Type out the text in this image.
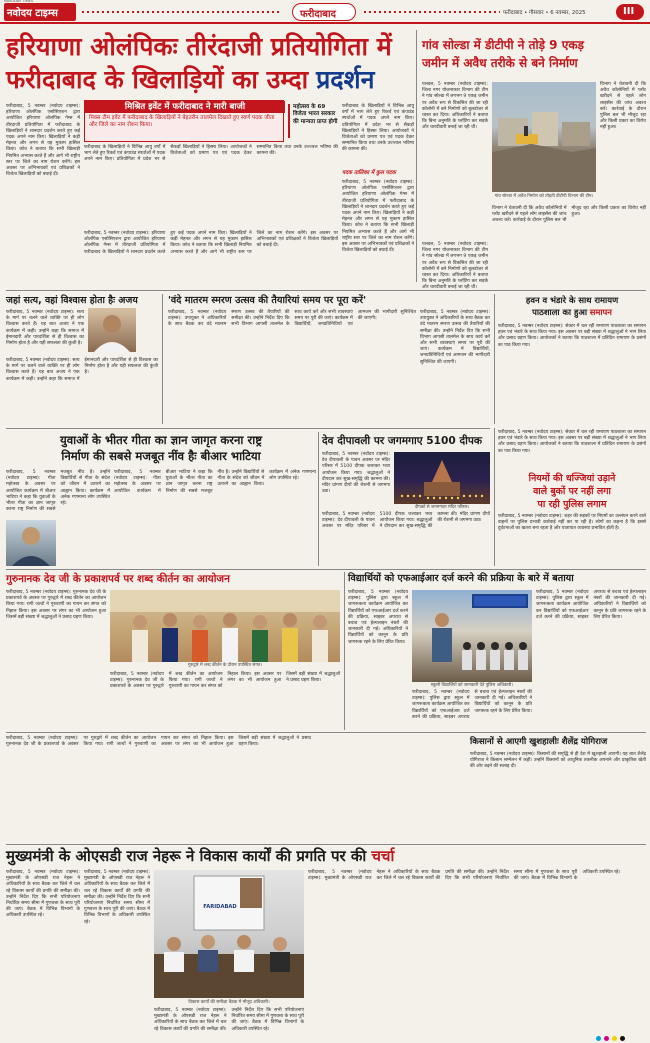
नवोदय टाइम्स
NAVODAY TIMES
फरीदाबाद	फरीदाबाद • गौसवार • 6 नवम्बर, 2025	III
हरियाणा ओलंपिकः तीरंदाजी प्रतियोगिता में
फरीदाबाद के खिलाड़ियों का उम्दा प्रदर्शन
फरीदाबाद, 5 नवम्बर (नवोदय टाइम्स): हरियाणा ओलंपिक एसोसिएशन द्वारा आयोजित हरियाणा ओलंपिक गेम्स में तीरंदाजी प्रतियोगिता में फरीदाबाद के खिलाड़ियों ने शानदार प्रदर्शन करते हुए कई पदक अपने नाम किए। खिलाड़ियों ने कड़ी मेहनत और लगन से यह मुकाम हासिल किया। कोच ने बताया कि सभी खिलाड़ी नियमित अभ्यास करते हैं और आगे भी राष्ट्रीय स्तर पर जिले का नाम रोशन करेंगे। इस अवसर पर अभिभावकों एवं प्रशिक्षकों ने विजेता खिलाड़ियों को बधाई दी।
मिश्रित इवेंट में फरीदाबाद ने मारी बाजी
मिक्स टीम इवेंट में फरीदाबाद के खिलाड़ियों ने बेहतरीन तालमेल दिखाते हुए स्वर्ण पदक जीता और जिले का नाम रोशन किया।
महोत्सव के 69 विजेता भारत सरकार की मान्यता प्राप्त होगी
फरीदाबाद के खिलाड़ियों ने विभिन्न आयु वर्गों में भाग लेते हुए रिकर्व एवं कंपाउंड स्पर्धाओं में पदक अपने नाम किए। प्रतियोगिता में प्रदेश भर से सैकड़ों खिलाड़ियों ने हिस्सा लिया। आयोजकों ने विजेताओं को प्रमाण पत्र एवं पदक देकर सम्मानित किया तथा उनके उज्ज्वल भविष्य की कामना की।
फरीदाबाद, 5 नवम्बर (नवोदय टाइम्स): हरियाणा ओलंपिक एसोसिएशन द्वारा आयोजित हरियाणा ओलंपिक गेम्स में तीरंदाजी प्रतियोगिता में फरीदाबाद के खिलाड़ियों ने शानदार प्रदर्शन करते हुए कई पदक अपने नाम किए। खिलाड़ियों ने कड़ी मेहनत और लगन से यह मुकाम हासिल किया। कोच ने बताया कि सभी खिलाड़ी नियमित अभ्यास करते हैं और आगे भी राष्ट्रीय स्तर पर जिले का नाम रोशन करेंगे। इस अवसर पर अभिभावकों एवं प्रशिक्षकों ने विजेता खिलाड़ियों को बधाई दी।
फरीदाबाद के खिलाड़ियों ने विभिन्न आयु वर्गों में भाग लेते हुए रिकर्व एवं कंपाउंड स्पर्धाओं में पदक अपने नाम किए। प्रतियोगिता में प्रदेश भर से सैकड़ों खिलाड़ियों ने हिस्सा लिया। आयोजकों ने विजेताओं को प्रमाण पत्र एवं पदक देकर सम्मानित किया तथा उनके उज्ज्वल भविष्य की कामना की।
पदक तालिका में कुल पदक
फरीदाबाद, 5 नवम्बर (नवोदय टाइम्स): हरियाणा ओलंपिक एसोसिएशन द्वारा आयोजित हरियाणा ओलंपिक गेम्स में तीरंदाजी प्रतियोगिता में फरीदाबाद के खिलाड़ियों ने शानदार प्रदर्शन करते हुए कई पदक अपने नाम किए। खिलाड़ियों ने कड़ी मेहनत और लगन से यह मुकाम हासिल किया। कोच ने बताया कि सभी खिलाड़ी नियमित अभ्यास करते हैं और आगे भी राष्ट्रीय स्तर पर जिले का नाम रोशन करेंगे। इस अवसर पर अभिभावकों एवं प्रशिक्षकों ने विजेता खिलाड़ियों को बधाई दी।
गांव सोल्डा में डीटीपी ने तोड़े 9 एकड़
जमीन में अवैध तरीके से बने निर्माण
पलवल, 5 नवम्बर (नवोदय टाइम्स): जिला नगर योजनाकार विभाग की टीम ने गांव सोल्डा में लगभग 9 एकड़ जमीन पर अवैध रूप से विकसित की जा रही कॉलोनी में बने निर्माणों को बुलडोजर से ध्वस्त कर दिया। अधिकारियों ने बताया कि बिना अनुमति के प्लॉटिंग कर सड़कें और चारदीवारी बनाई जा रही थी।
विभाग ने चेतावनी दी कि अवैध कॉलोनियों में प्लॉट खरीदने से पहले लोग लाइसेंस की जांच अवश्य करें। कार्रवाई के दौरान पुलिस बल भी मौजूद रहा और किसी प्रकार का विरोध नहीं हुआ।
गांव सोल्डा में अवैध निर्माण को तोड़ती डीटीपी विभाग की टीम।
विभाग ने चेतावनी दी कि अवैध कॉलोनियों में प्लॉट खरीदने से पहले लोग लाइसेंस की जांच अवश्य करें। कार्रवाई के दौरान पुलिस बल भी मौजूद रहा और किसी प्रकार का विरोध नहीं हुआ।
पलवल, 5 नवम्बर (नवोदय टाइम्स): जिला नगर योजनाकार विभाग की टीम ने गांव सोल्डा में लगभग 9 एकड़ जमीन पर अवैध रूप से विकसित की जा रही कॉलोनी में बने निर्माणों को बुलडोजर से ध्वस्त कर दिया। अधिकारियों ने बताया कि बिना अनुमति के प्लॉटिंग कर सड़कें और चारदीवारी बनाई जा रही थी।
जहां सत्य, वहां विश्वास होता हैः अजय
फरीदाबाद, 5 नवम्बर (नवोदय टाइम्स): सत्य के मार्ग पर चलने वाले व्यक्ति पर ही लोग विश्वास करते हैं। यह बात अजय ने एक कार्यक्रम में कही। उन्होंने कहा कि समाज में ईमानदारी और पारदर्शिता से ही विश्वास का निर्माण होता है और यही सफलता की कुंजी है।
फरीदाबाद, 5 नवम्बर (नवोदय टाइम्स): सत्य के मार्ग पर चलने वाले व्यक्ति पर ही लोग विश्वास करते हैं। यह बात अजय ने एक कार्यक्रम में कही। उन्होंने कहा कि समाज में ईमानदारी और पारदर्शिता से ही विश्वास का निर्माण होता है और यही सफलता की कुंजी है।
'वंदे मातरम स्मरण उत्सव की तैयारियां समय पर पूरा करें'
फरीदाबाद, 5 नवम्बर (नवोदय टाइम्स): उपायुक्त ने अधिकारियों के साथ बैठक कर वंदे मातरम स्मरण उत्सव की तैयारियों की समीक्षा की। उन्होंने निर्देश दिए कि सभी विभाग आपसी तालमेल के साथ कार्य करें और सभी व्यवस्थाएं समय पर पूरी की जाएं। कार्यक्रम में विद्यार्थियों, जनप्रतिनिधियों एवं आमजन की भागीदारी सुनिश्चित की जाएगी।
फरीदाबाद, 5 नवम्बर (नवोदय टाइम्स): उपायुक्त ने अधिकारियों के साथ बैठक कर वंदे मातरम स्मरण उत्सव की तैयारियों की समीक्षा की। उन्होंने निर्देश दिए कि सभी विभाग आपसी तालमेल के साथ कार्य करें और सभी व्यवस्थाएं समय पर पूरी की जाएं। कार्यक्रम में विद्यार्थियों, जनप्रतिनिधियों एवं आमजन की भागीदारी सुनिश्चित की जाएगी।
हवन व भंडारे के साथ रामायण
पाठशाला का हुआ समापन
फरीदाबाद, 5 नवम्बर (नवोदय टाइम्स): सेक्टर में चल रही रामायण पाठशाला का समापन हवन एवं भंडारे के साथ किया गया। इस अवसर पर बड़ी संख्या में श्रद्धालुओं ने भाग लिया और प्रसाद ग्रहण किया। आयोजकों ने बताया कि पाठशाला में प्रतिदिन रामायण के प्रसंगों का पाठ किया गया।
युवाओं के भीतर गीता का ज्ञान जागृत करना राष्ट्र
निर्माण की सबसे मजबूत नींव हैः बीआर भाटिया
फरीदाबाद, 5 नवम्बर (नवोदय टाइम्स): गीता महोत्सव के अवसर पर आयोजित कार्यक्रम में बीआर भाटिया ने कहा कि युवाओं के भीतर गीता का ज्ञान जागृत करना राष्ट्र निर्माण की सबसे मजबूत नींव है। उन्होंने विद्यार्थियों से गीता के संदेश को जीवन में उतारने का आह्वान किया। कार्यक्रम में अनेक गणमान्य लोग उपस्थित रहे।
फरीदाबाद, 5 नवम्बर (नवोदय टाइम्स): गीता महोत्सव के अवसर पर आयोजित कार्यक्रम में बीआर भाटिया ने कहा कि युवाओं के भीतर गीता का ज्ञान जागृत करना राष्ट्र निर्माण की सबसे मजबूत नींव है। उन्होंने विद्यार्थियों से गीता के संदेश को जीवन में उतारने का आह्वान किया। कार्यक्रम में अनेक गणमान्य लोग उपस्थित रहे।
देव दीपावली पर जगमगाए 5100 दीपक
फरीदाबाद, 5 नवम्बर (नवोदय टाइम्स): देव दीपावली के पावन अवसर पर मंदिर परिसर में 5100 दीपक जलाकर भव्य आयोजन किया गया। श्रद्धालुओं ने दीपदान कर सुख-समृद्धि की कामना की। मंदिर प्रांगण दीपों की रोशनी से जगमगा उठा।
दीपकों से जगमगाता मंदिर परिसर।
फरीदाबाद, 5 नवम्बर (नवोदय टाइम्स): देव दीपावली के पावन अवसर पर मंदिर परिसर में 5100 दीपक जलाकर भव्य आयोजन किया गया। श्रद्धालुओं ने दीपदान कर सुख-समृद्धि की कामना की। मंदिर प्रांगण दीपों की रोशनी से जगमगा उठा।
नियमों की धज्जियां उड़ाने
वाले बुकों पर नहीं लगा
पा रही पुलिस लगाम
फरीदाबाद, 5 नवम्बर (नवोदय टाइम्स): शहर की सड़कों पर नियमों का उल्लंघन करने वाले वाहनों पर पुलिस प्रभावी कार्रवाई नहीं कर पा रही है। लोगों का कहना है कि इससे दुर्घटनाओं का खतरा बना रहता है और यातायात व्यवस्था प्रभावित होती है।
फरीदाबाद, 5 नवम्बर (नवोदय टाइम्स): सेक्टर में चल रही रामायण पाठशाला का समापन हवन एवं भंडारे के साथ किया गया। इस अवसर पर बड़ी संख्या में श्रद्धालुओं ने भाग लिया और प्रसाद ग्रहण किया। आयोजकों ने बताया कि पाठशाला में प्रतिदिन रामायण के प्रसंगों का पाठ किया गया।
गुरुनानक देव जी के प्रकाशपर्व पर शब्द कीर्तन का आयोजन
फरीदाबाद, 5 नवम्बर (नवोदय टाइम्स): गुरुनानक देव जी के प्रकाशपर्व के अवसर पर गुरुद्वारे में शब्द कीर्तन का आयोजन किया गया। रागी जत्थों ने गुरुवाणी का गायन कर संगत को निहाल किया। इस अवसर पर लंगर का भी आयोजन हुआ जिसमें बड़ी संख्या में श्रद्धालुओं ने प्रसाद ग्रहण किया।
गुरुद्वारे में शब्द कीर्तन के दौरान उपस्थित संगत।
फरीदाबाद, 5 नवम्बर (नवोदय टाइम्स): गुरुनानक देव जी के प्रकाशपर्व के अवसर पर गुरुद्वारे में शब्द कीर्तन का आयोजन किया गया। रागी जत्थों ने गुरुवाणी का गायन कर संगत को निहाल किया। इस अवसर पर लंगर का भी आयोजन हुआ जिसमें बड़ी संख्या में श्रद्धालुओं ने प्रसाद ग्रहण किया।
विद्यार्थियों को एफआईआर दर्ज करने की प्रक्रिया के बारे में बताया
फरीदाबाद, 5 नवम्बर (नवोदय टाइम्स): पुलिस द्वारा स्कूल में जागरूकता कार्यक्रम आयोजित कर विद्यार्थियों को एफआईआर दर्ज करने की प्रक्रिया, साइबर अपराध से बचाव एवं हेल्पलाइन नंबरों की जानकारी दी गई। अधिकारियों ने विद्यार्थियों को कानून के प्रति जागरूक रहने के लिए प्रेरित किया।
स्कूली विद्यार्थियों को जानकारी देते पुलिस अधिकारी।
फरीदाबाद, 5 नवम्बर (नवोदय टाइम्स): पुलिस द्वारा स्कूल में जागरूकता कार्यक्रम आयोजित कर विद्यार्थियों को एफआईआर दर्ज करने की प्रक्रिया, साइबर अपराध से बचाव एवं हेल्पलाइन नंबरों की जानकारी दी गई। अधिकारियों ने विद्यार्थियों को कानून के प्रति जागरूक रहने के लिए प्रेरित किया।
फरीदाबाद, 5 नवम्बर (नवोदय टाइम्स): पुलिस द्वारा स्कूल में जागरूकता कार्यक्रम आयोजित कर विद्यार्थियों को एफआईआर दर्ज करने की प्रक्रिया, साइबर अपराध से बचाव एवं हेल्पलाइन नंबरों की जानकारी दी गई। अधिकारियों ने विद्यार्थियों को कानून के प्रति जागरूक रहने के लिए प्रेरित किया।
किसानों से आएगी खुशहालीः शैलेंद्र योगिराज
फरीदाबाद, 5 नवम्बर (नवोदय टाइम्स): किसानों की समृद्धि से ही देश में खुशहाली आएगी। यह बात शैलेंद्र योगिराज ने किसान सम्मेलन में कही। उन्होंने किसानों को आधुनिक तकनीक अपनाने और प्राकृतिक खेती की ओर बढ़ने की सलाह दी।
मुख्यमंत्री के ओएसडी राज नेहरू ने विकास कार्यों की प्रगति पर की चर्चा
फरीदाबाद, 5 नवम्बर (नवोदय टाइम्स): गुरुनानक देव जी के प्रकाशपर्व के अवसर पर गुरुद्वारे में शब्द कीर्तन का आयोजन किया गया। रागी जत्थों ने गुरुवाणी का गायन कर संगत को निहाल किया। इस अवसर पर लंगर का भी आयोजन हुआ जिसमें बड़ी संख्या में श्रद्धालुओं ने प्रसाद ग्रहण किया।
फरीदाबाद, 5 नवम्बर (नवोदय टाइम्स): मुख्यमंत्री के ओएसडी राज नेहरू ने अधिकारियों के साथ बैठक कर जिले में चल रहे विकास कार्यों की प्रगति की समीक्षा की। उन्होंने निर्देश दिए कि सभी परियोजनाएं निर्धारित समय सीमा में गुणवत्ता के साथ पूरी की जाएं। बैठक में विभिन्न विभागों के अधिकारी उपस्थित रहे।
फरीदाबाद, 5 नवम्बर (नवोदय टाइम्स): मुख्यमंत्री के ओएसडी राज नेहरू ने अधिकारियों के साथ बैठक कर जिले में चल रहे विकास कार्यों की प्रगति की समीक्षा की। उन्होंने निर्देश दिए कि सभी परियोजनाएं निर्धारित समय सीमा में गुणवत्ता के साथ पूरी की जाएं। बैठक में विभिन्न विभागों के अधिकारी उपस्थित रहे।
FARIDABAD
विकास कार्यों की समीक्षा बैठक में मौजूद अधिकारी।
फरीदाबाद, 5 नवम्बर (नवोदय टाइम्स): मुख्यमंत्री के ओएसडी राज नेहरू ने अधिकारियों के साथ बैठक कर जिले में चल रहे विकास कार्यों की प्रगति की समीक्षा की। उन्होंने निर्देश दिए कि सभी परियोजनाएं निर्धारित समय सीमा में गुणवत्ता के साथ पूरी की जाएं। बैठक में विभिन्न विभागों के अधिकारी उपस्थित रहे।
फरीदाबाद, 5 नवम्बर (नवोदय टाइम्स): मुख्यमंत्री के ओएसडी राज नेहरू ने अधिकारियों के साथ बैठक कर जिले में चल रहे विकास कार्यों की प्रगति की समीक्षा की। उन्होंने निर्देश दिए कि सभी परियोजनाएं निर्धारित समय सीमा में गुणवत्ता के साथ पूरी की जाएं। बैठक में विभिन्न विभागों के अधिकारी उपस्थित रहे।
